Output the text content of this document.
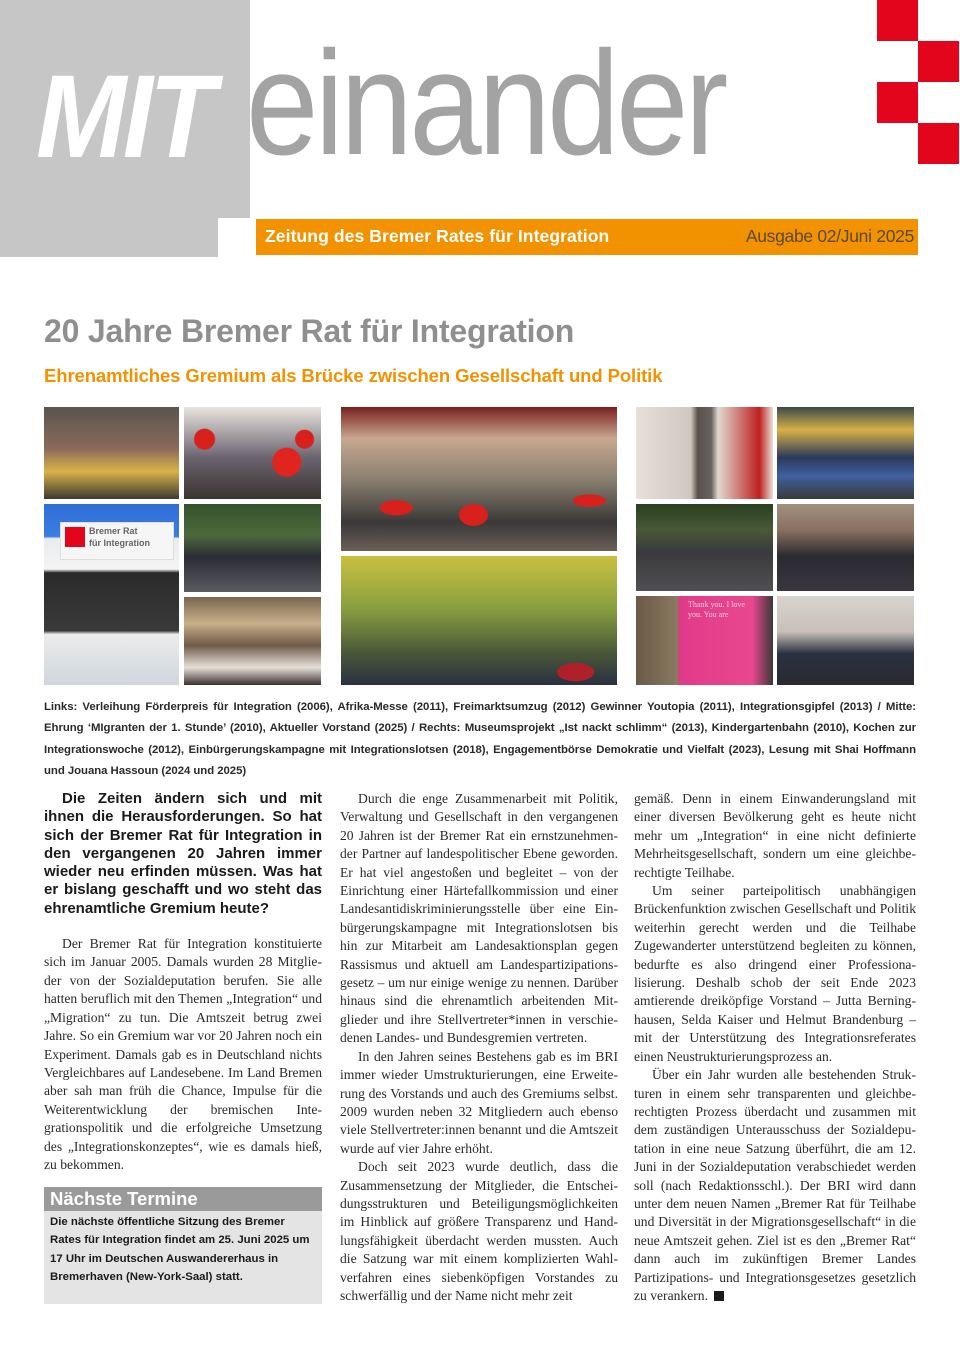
MIT einander
Zeitung des Bremer Rates für Integration	Ausgabe 02/Juni 2025
20 Jahre Bremer Rat für Integration
Ehrenamtliches Gremium als Brücke zwischen Gesellschaft und Politik
Bremer Rat
für Integration
Thank you. I love you. You are
Links: Verleihung Förderpreis für Integration (2006), Afrika-Messe (2011), Freimarktsumzug (2012) Gewinner Youtopia (2011), Integrationsgipfel (2013) / Mitte: Ehrung ‘MIgranten der 1. Stunde’ (2010), Aktueller Vorstand (2025) / Rechts: Museumsprojekt „Ist nackt schlimm“ (2013), Kindergartenbahn (2010), Kochen zur Integrationswoche (2012), Einbürgerungskampagne mit Integrationslotsen (2018), Engagementbörse Demokratie und Vielfalt (2023), Lesung mit Shai Hoffmann und Jouana Hassoun (2024 und 2025)

Die Zeiten ändern sich und mit ihnen die Herausforderungen. So hat sich der Bremer Rat für Integration in den vergangenen 20 Jahren immer wieder neu erfinden müssen. Was hat er bislang geschafft und wo steht das ehrenamtliche Gremium heute?

Der Bremer Rat für Integration konstituierte sich im Januar 2005. Damals wurden 28 Mitglieder von der Sozialdeputation berufen. Sie alle hatten beruflich mit den Themen „Integration“ und „Migration“ zu tun. Die Amtszeit betrug zwei Jahre. So ein Gremium war vor 20 Jahren noch ein Experiment. Damals gab es in Deutschland nichts Vergleichbares auf Landesebene. Im Land Bremen aber sah man früh die Chance, Impulse für die Weiterentwicklung der bremischen Integrationspolitik und die erfolgreiche Umsetzung des „Integrationskonzeptes“, wie es damals hieß, zu bekommen.

Durch die enge Zusammenarbeit mit Politik, Verwaltung und Gesellschaft in den vergangenen 20 Jahren ist der Bremer Rat ein ernstzunehmender Partner auf landespolitischer Ebene geworden. Er hat viel angestoßen und begleitet – von der Einrichtung einer Härtefallkommission und einer Landesantidiskriminierungsstelle über eine Einbürgerungskampagne mit Integrationslotsen bis hin zur Mitarbeit am Landesaktionsplan gegen Rassismus und aktuell am Landespartizipationsgesetz – um nur einige wenige zu nennen. Darüber hinaus sind die ehrenamtlich arbeitenden Mitglieder und ihre Stellvertreter*innen in verschiedenen Landes- und Bundesgremien vertreten.

In den Jahren seines Bestehens gab es im BRI immer wieder Umstrukturierungen, eine Erweiterung des Vorstands und auch des Gremiums selbst. 2009 wurden neben 32 Mitgliedern auch ebenso viele Stellvertreter:innen benannt und die Amtszeit wurde auf vier Jahre erhöht.

Doch seit 2023 wurde deutlich, dass die Zusammensetzung der Mitglieder, die Entscheidungsstrukturen und Beteiligungsmöglichkeiten im Hinblick auf größere Transparenz und Handlungsfähigkeit überdacht werden mussten. Auch die Satzung war mit einem komplizierten Wahlverfahren eines siebenköpfigen Vorstandes zu schwerfällig und der Name nicht mehr zeit

gemäß. Denn in einem Einwanderungsland mit einer diversen Bevölkerung geht es heute nicht mehr um „Integration“ in eine nicht definierte Mehrheitsgesellschaft, sondern um eine gleichberechtigte Teilhabe.

Um seiner parteipolitisch unabhängigen Brückenfunktion zwischen Gesellschaft und Politik weiterhin gerecht werden und die Teilhabe Zugewanderter unterstützend begleiten zu können, bedurfte es also dringend einer Professionalisierung. Deshalb schob der seit Ende 2023 amtierende dreiköpfige Vorstand – Jutta Berninghausen, Selda Kaiser und Helmut Brandenburg – mit der Unterstützung des Integrationsreferates einen Neustrukturierungsprozess an.

Über ein Jahr wurden alle bestehenden Strukturen in einem sehr transparenten und gleichberechtigten Prozess überdacht und zusammen mit dem zuständigen Unterausschuss der Sozialdeputation in eine neue Satzung überführt, die am 12. Juni in der Sozialdeputation verabschiedet werden soll (nach Redaktionsschl.). Der BRI wird dann unter dem neuen Namen „Bremer Rat für Teilhabe und Diversität in der Migrationsgesellschaft“ in die neue Amtszeit gehen. Ziel ist es den „Bremer Rat“ dann auch im zukünftigen Bremer Landes Partizipations- und Integrationsgesetzes gesetzlich zu verankern.

Nächste Termine
Die nächste öffentliche Sitzung des Bremer Rates für Integration findet am 25. Juni 2025 um 17 Uhr im Deutschen Auswandererhaus in Bremerhaven (New-York-Saal) statt.
